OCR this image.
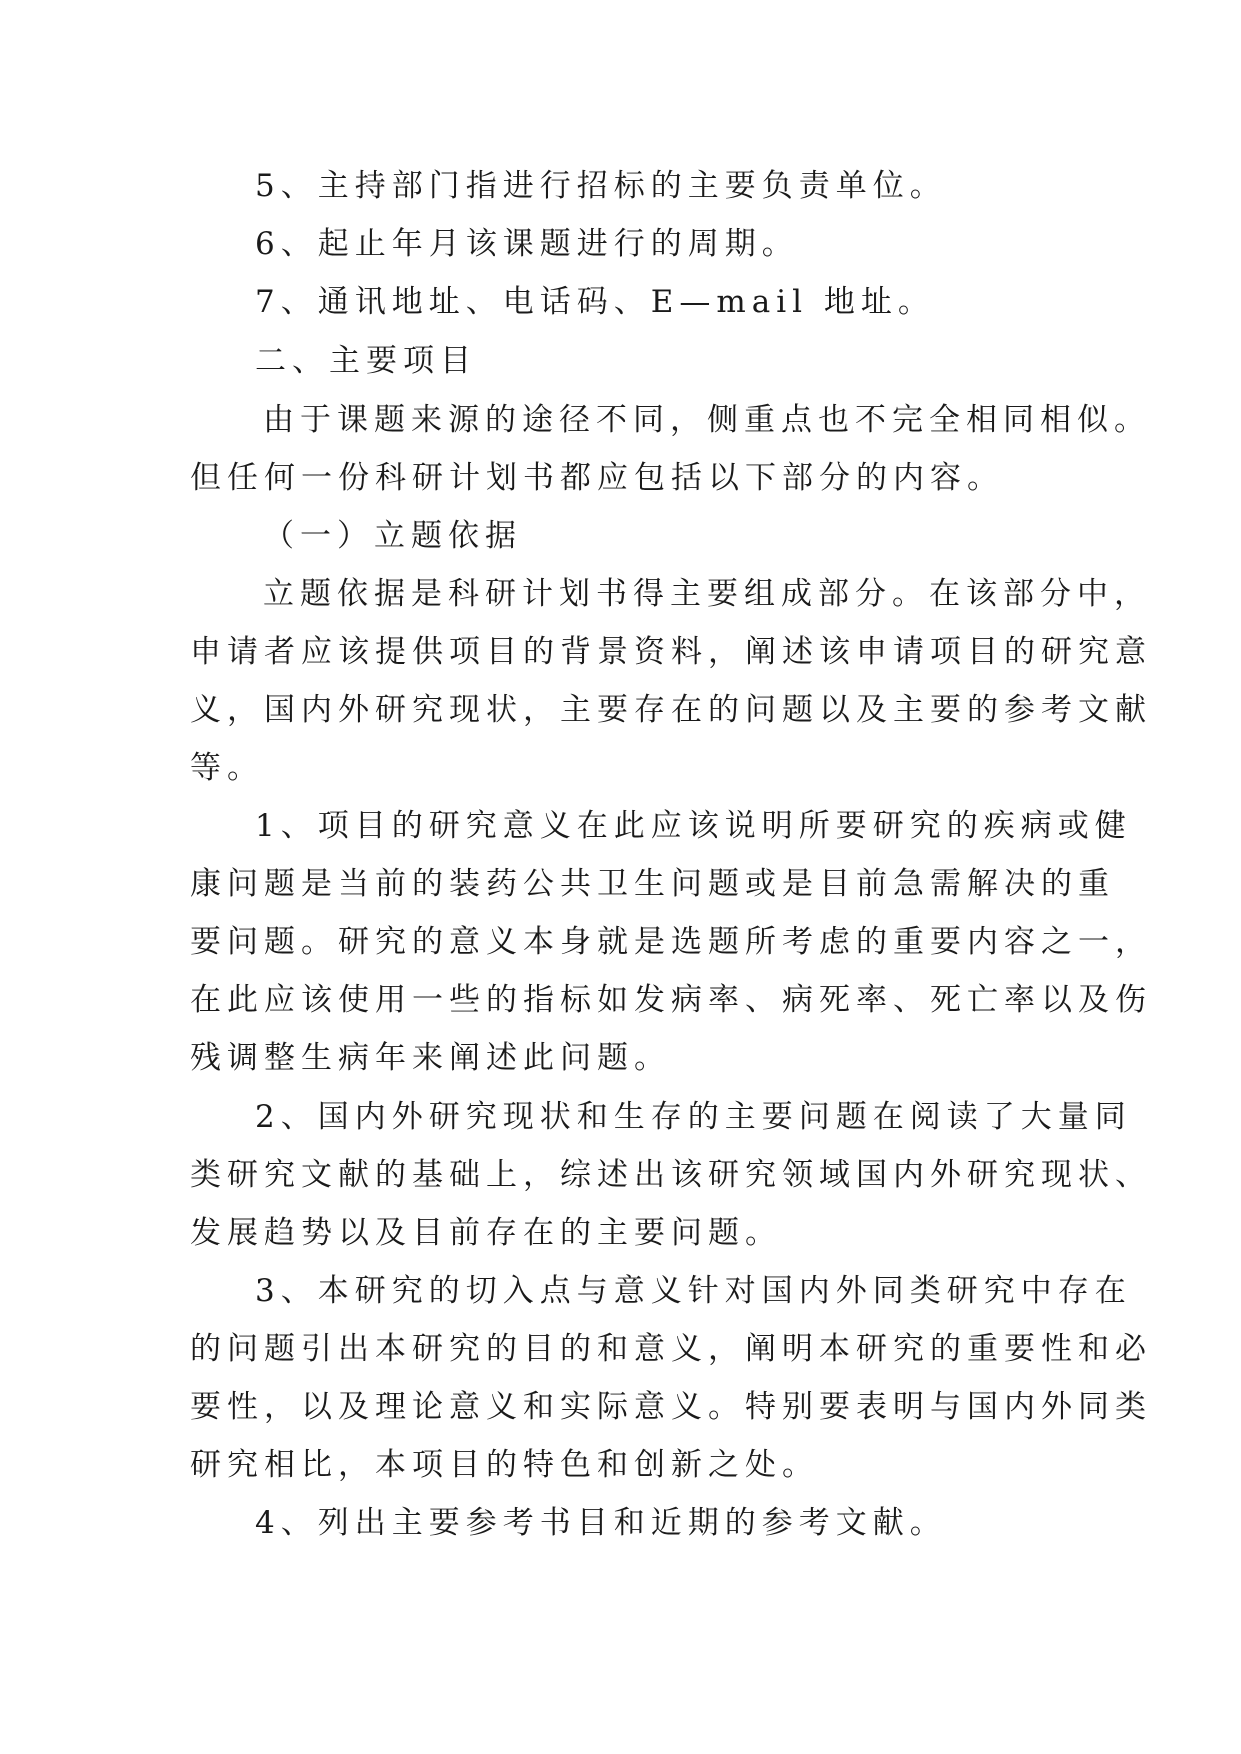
5、主持部门指进行招标的主要负责单位。
6、起止年月该课题进行的周期。
7、通讯地址、电话码、E—mail 地址。
二、主要项目
由于课题来源的途径不同，侧重点也不完全相同相似。
但任何一份科研计划书都应包括以下部分的内容。
（一）立题依据
立题依据是科研计划书得主要组成部分。在该部分中，
申请者应该提供项目的背景资料，阐述该申请项目的研究意
义，国内外研究现状，主要存在的问题以及主要的参考文献
等。
1、项目的研究意义在此应该说明所要研究的疾病或健
康问题是当前的装药公共卫生问题或是目前急需解决的重
要问题。研究的意义本身就是选题所考虑的重要内容之一，
在此应该使用一些的指标如发病率、病死率、死亡率以及伤
残调整生病年来阐述此问题。
2、国内外研究现状和生存的主要问题在阅读了大量同
类研究文献的基础上，综述出该研究领域国内外研究现状、
发展趋势以及目前存在的主要问题。
3、本研究的切入点与意义针对国内外同类研究中存在
的问题引出本研究的目的和意义，阐明本研究的重要性和必
要性，以及理论意义和实际意义。特别要表明与国内外同类
研究相比，本项目的特色和创新之处。
4、列出主要参考书目和近期的参考文献。
